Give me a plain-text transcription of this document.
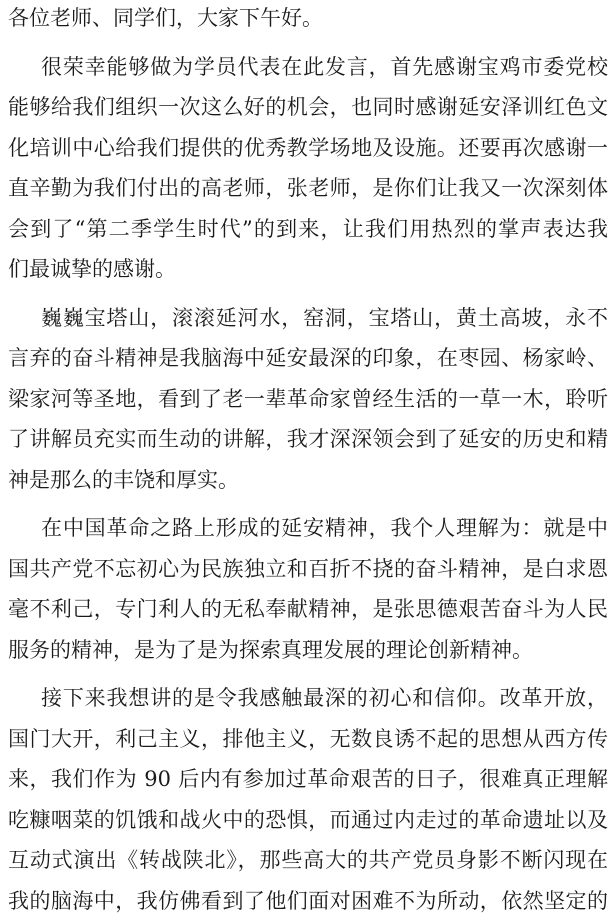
各位老师、同学们，大家下午好。

很荣幸能够做为学员代表在此发言，首先感谢宝鸡市委党校
能够给我们组织一次这么好的机会，也同时感谢延安泽训红色文
化培训中心给我们提供的优秀教学场地及设施。还要再次感谢一
直辛勤为我们付出的高老师，张老师，是你们让我又一次深刻体
会到了“第二季学生时代”的到来，让我们用热烈的掌声表达我
们最诚挚的感谢。

巍巍宝塔山，滚滚延河水，窑洞，宝塔山，黄土高坡，永不
言弃的奋斗精神是我脑海中延安最深的印象，在枣园、杨家岭、
梁家河等圣地，看到了老一辈革命家曾经生活的一草一木，聆听
了讲解员充实而生动的讲解，我才深深领会到了延安的历史和精
神是那么的丰饶和厚实。

在中国革命之路上形成的延安精神，我个人理解为：就是中
国共产党不忘初心为民族独立和百折不挠的奋斗精神，是白求恩
毫不利己，专门利人的无私奉献精神，是张思德艰苦奋斗为人民
服务的精神，是为了是为探索真理发展的理论创新精神。

接下来我想讲的是令我感触最深的初心和信仰。改革开放，
国门大开，利己主义，排他主义，无数良诱不起的思想从西方传
来，我们作为 90 后内有参加过革命艰苦的日子，很难真正理解
吃糠咽菜的饥饿和战火中的恐惧，而通过内走过的革命遗址以及
互动式演出《转战陕北》，那些高大的共产党员身影不断闪现在
我的脑海中，我仿佛看到了他们面对困难不为所动，依然坚定的
